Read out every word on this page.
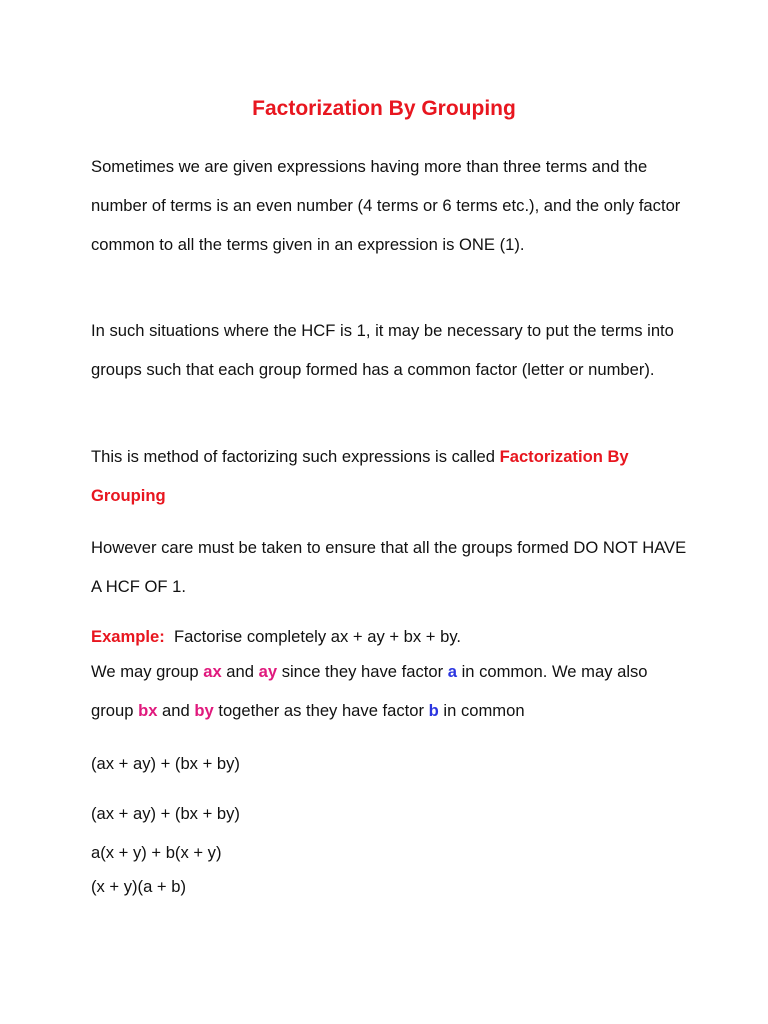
Factorization By Grouping
Sometimes we are given expressions having more than three terms and the number of terms is an even number (4 terms or 6 terms etc.), and the only factor common to all the terms given in an expression is ONE (1).
In such situations where the HCF is 1, it may be necessary to put the terms into groups such that each group formed has a common factor (letter or number).
This is method of factorizing such expressions is called Factorization By Grouping
However care must be taken to ensure that all the groups formed DO NOT HAVE A HCF OF 1.
Example:  Factorise completely ax + ay + bx + by.
We may group ax and ay since they have factor a in common. We may also group bx and by together as they have factor b in common
(ax + ay) + (bx + by)
(ax + ay) + (bx + by)
a(x + y) + b(x + y)
(x + y)(a + b)
